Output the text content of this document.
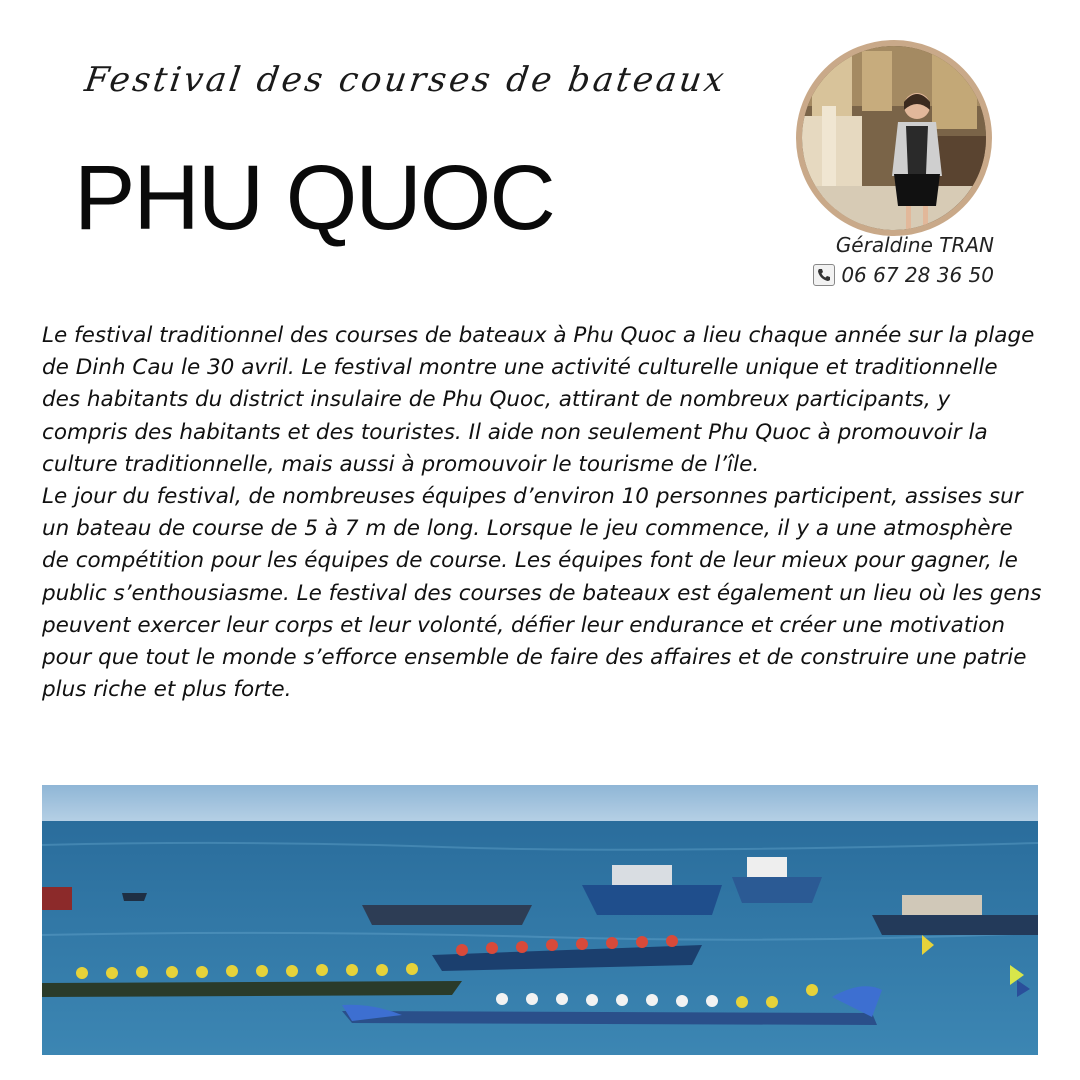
Festival des courses de bateaux
PHU QUOC	Géraldine TRAN
06 67 28 36 50

Le festival traditionnel des courses de bateaux à Phu Quoc a lieu chaque année sur la plage de Dinh Cau le 30 avril. Le festival montre une activité culturelle unique et traditionnelle des habitants du district insulaire de Phu Quoc, attirant de nombreux participants, y compris des habitants et des touristes. Il aide non seulement Phu Quoc à promouvoir la culture traditionnelle, mais aussi à promouvoir le tourisme de l’île.

Le jour du festival, de nombreuses équipes d’environ 10 personnes participent, assises sur un bateau de course de 5 à 7 m de long. Lorsque le jeu commence, il y a une atmosphère de compétition pour les équipes de course. Les équipes font de leur mieux pour gagner, le public s’enthousiasme. Le festival des courses de bateaux est également un lieu où les gens peuvent exercer leur corps et leur volonté, défier leur endurance et créer une motivation pour que tout le monde s’efforce ensemble de faire des affaires et de construire une patrie plus riche et plus forte.
